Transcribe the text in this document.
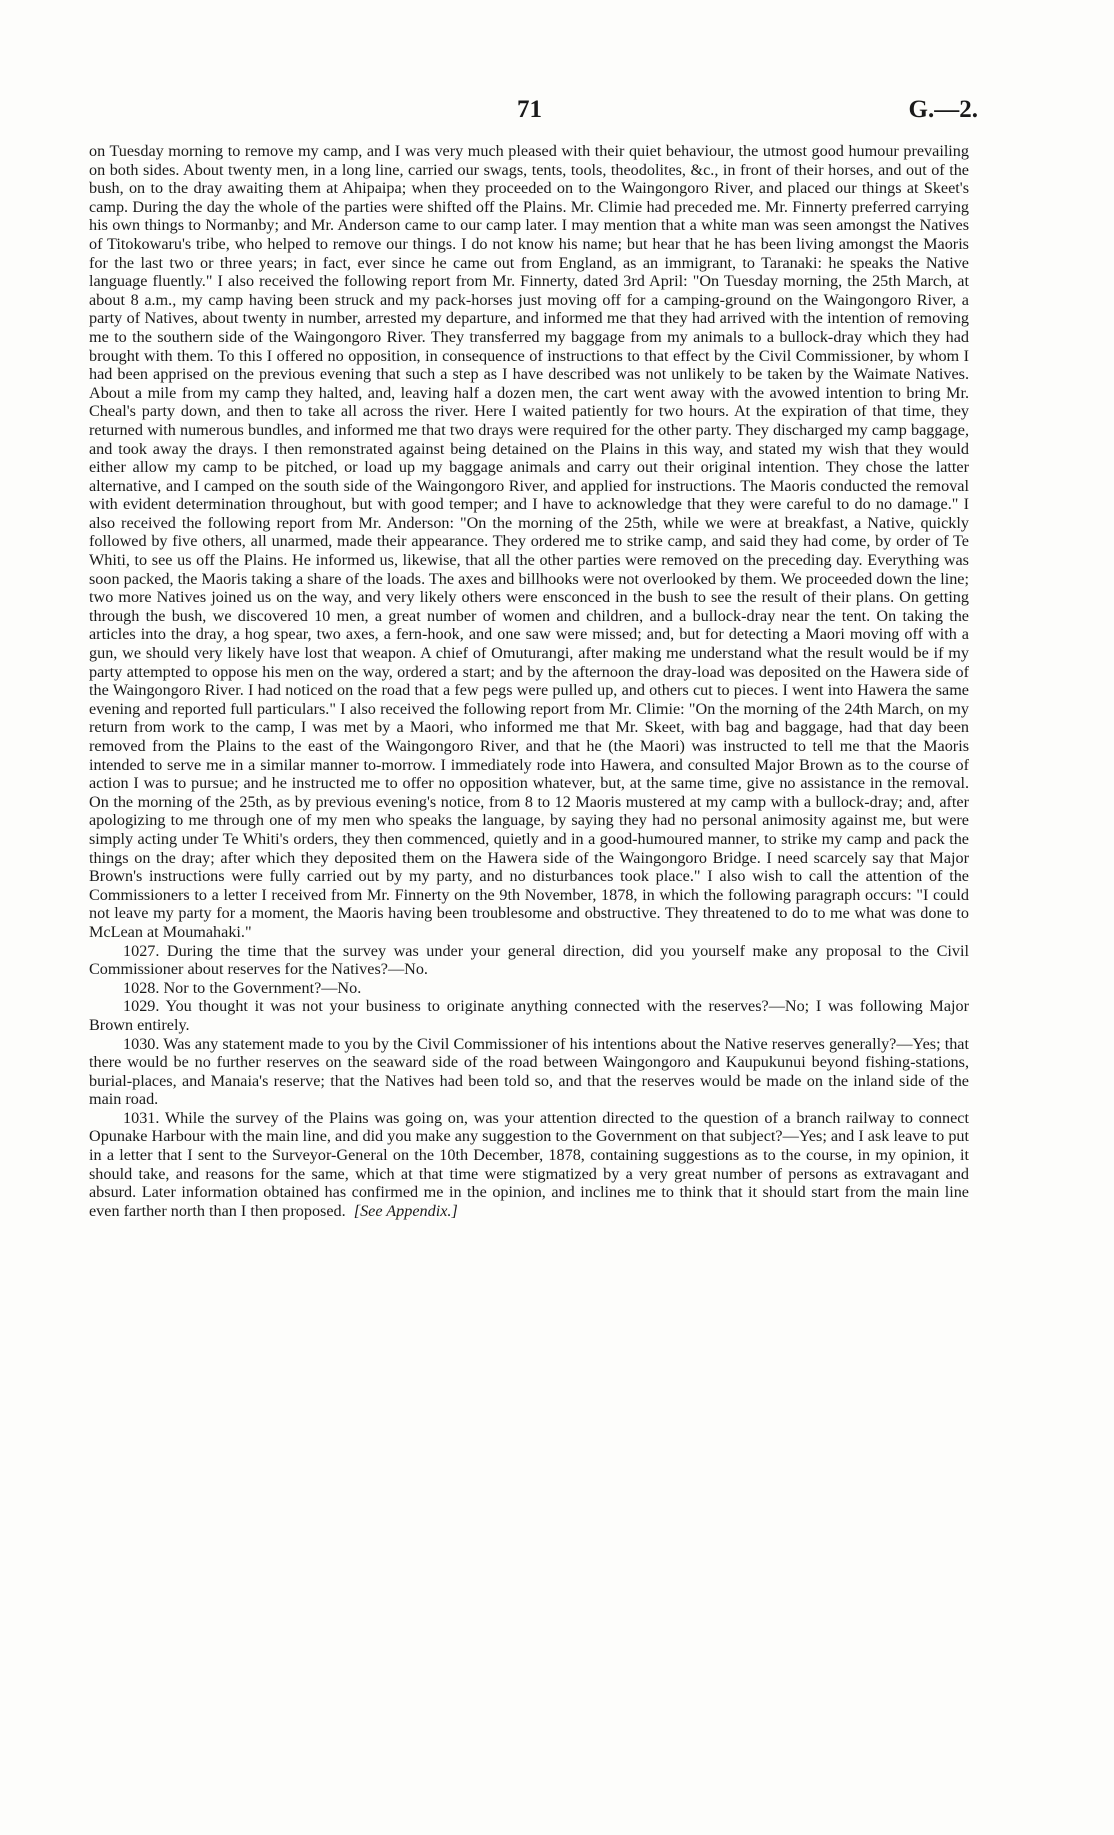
71	G.—2.

on Tuesday morning to remove my camp, and I was very much pleased with their quiet behaviour, the utmost good humour prevailing on both sides. About twenty men, in a long line, carried our swags, tents, tools, theodolites, &c., in front of their horses, and out of the bush, on to the dray awaiting them at Ahipaipa; when they proceeded on to the Waingongoro River, and placed our things at Skeet's camp. During the day the whole of the parties were shifted off the Plains. Mr. Climie had preceded me. Mr. Finnerty preferred carrying his own things to Normanby; and Mr. Anderson came to our camp later. I may mention that a white man was seen amongst the Natives of Titokowaru's tribe, who helped to remove our things. I do not know his name; but hear that he has been living amongst the Maoris for the last two or three years; in fact, ever since he came out from England, as an immigrant, to Taranaki: he speaks the Native language fluently." I also received the following report from Mr. Finnerty, dated 3rd April: "On Tuesday morning, the 25th March, at about 8 a.m., my camp having been struck and my pack-horses just moving off for a camping-ground on the Waingongoro River, a party of Natives, about twenty in number, arrested my departure, and informed me that they had arrived with the intention of removing me to the southern side of the Waingongoro River. They transferred my baggage from my animals to a bullock-dray which they had brought with them. To this I offered no opposition, in consequence of instructions to that effect by the Civil Commissioner, by whom I had been apprised on the previous evening that such a step as I have described was not unlikely to be taken by the Waimate Natives. About a mile from my camp they halted, and, leaving half a dozen men, the cart went away with the avowed intention to bring Mr. Cheal's party down, and then to take all across the river. Here I waited patiently for two hours. At the expiration of that time, they returned with numerous bundles, and informed me that two drays were required for the other party. They discharged my camp baggage, and took away the drays. I then remonstrated against being detained on the Plains in this way, and stated my wish that they would either allow my camp to be pitched, or load up my baggage animals and carry out their original intention. They chose the latter alternative, and I camped on the south side of the Waingongoro River, and applied for instructions. The Maoris conducted the removal with evident determination throughout, but with good temper; and I have to acknowledge that they were careful to do no damage." I also received the following report from Mr. Anderson: "On the morning of the 25th, while we were at breakfast, a Native, quickly followed by five others, all unarmed, made their appearance. They ordered me to strike camp, and said they had come, by order of Te Whiti, to see us off the Plains. He informed us, likewise, that all the other parties were removed on the preceding day. Everything was soon packed, the Maoris taking a share of the loads. The axes and billhooks were not overlooked by them. We proceeded down the line; two more Natives joined us on the way, and very likely others were ensconced in the bush to see the result of their plans. On getting through the bush, we discovered 10 men, a great number of women and children, and a bullock-dray near the tent. On taking the articles into the dray, a hog spear, two axes, a fern-hook, and one saw were missed; and, but for detecting a Maori moving off with a gun, we should very likely have lost that weapon. A chief of Omuturangi, after making me understand what the result would be if my party attempted to oppose his men on the way, ordered a start; and by the afternoon the dray-load was deposited on the Hawera side of the Waingongoro River. I had noticed on the road that a few pegs were pulled up, and others cut to pieces. I went into Hawera the same evening and reported full particulars." I also received the following report from Mr. Climie: "On the morning of the 24th March, on my return from work to the camp, I was met by a Maori, who informed me that Mr. Skeet, with bag and baggage, had that day been removed from the Plains to the east of the Waingongoro River, and that he (the Maori) was instructed to tell me that the Maoris intended to serve me in a similar manner to-morrow. I immediately rode into Hawera, and consulted Major Brown as to the course of action I was to pursue; and he instructed me to offer no opposition whatever, but, at the same time, give no assistance in the removal. On the morning of the 25th, as by previous evening's notice, from 8 to 12 Maoris mustered at my camp with a bullock-dray; and, after apologizing to me through one of my men who speaks the language, by saying they had no personal animosity against me, but were simply acting under Te Whiti's orders, they then commenced, quietly and in a good-humoured manner, to strike my camp and pack the things on the dray; after which they deposited them on the Hawera side of the Waingongoro Bridge. I need scarcely say that Major Brown's instructions were fully carried out by my party, and no disturbances took place." I also wish to call the attention of the Commissioners to a letter I received from Mr. Finnerty on the 9th November, 1878, in which the following paragraph occurs: "I could not leave my party for a moment, the Maoris having been troublesome and obstructive. They threatened to do to me what was done to McLean at Moumahaki."

1027. During the time that the survey was under your general direction, did you yourself make any proposal to the Civil Commissioner about reserves for the Natives?—No.

1028. Nor to the Government?—No.

1029. You thought it was not your business to originate anything connected with the reserves?—No; I was following Major Brown entirely.

1030. Was any statement made to you by the Civil Commissioner of his intentions about the Native reserves generally?—Yes; that there would be no further reserves on the seaward side of the road between Waingongoro and Kaupukunui beyond fishing-stations, burial-places, and Manaia's reserve; that the Natives had been told so, and that the reserves would be made on the inland side of the main road.

1031. While the survey of the Plains was going on, was your attention directed to the question of a branch railway to connect Opunake Harbour with the main line, and did you make any suggestion to the Government on that subject?—Yes; and I ask leave to put in a letter that I sent to the Surveyor-General on the 10th December, 1878, containing suggestions as to the course, in my opinion, it should take, and reasons for the same, which at that time were stigmatized by a very great number of persons as extravagant and absurd. Later information obtained has confirmed me in the opinion, and inclines me to think that it should start from the main line even farther north than I then proposed. [See Appendix.]
